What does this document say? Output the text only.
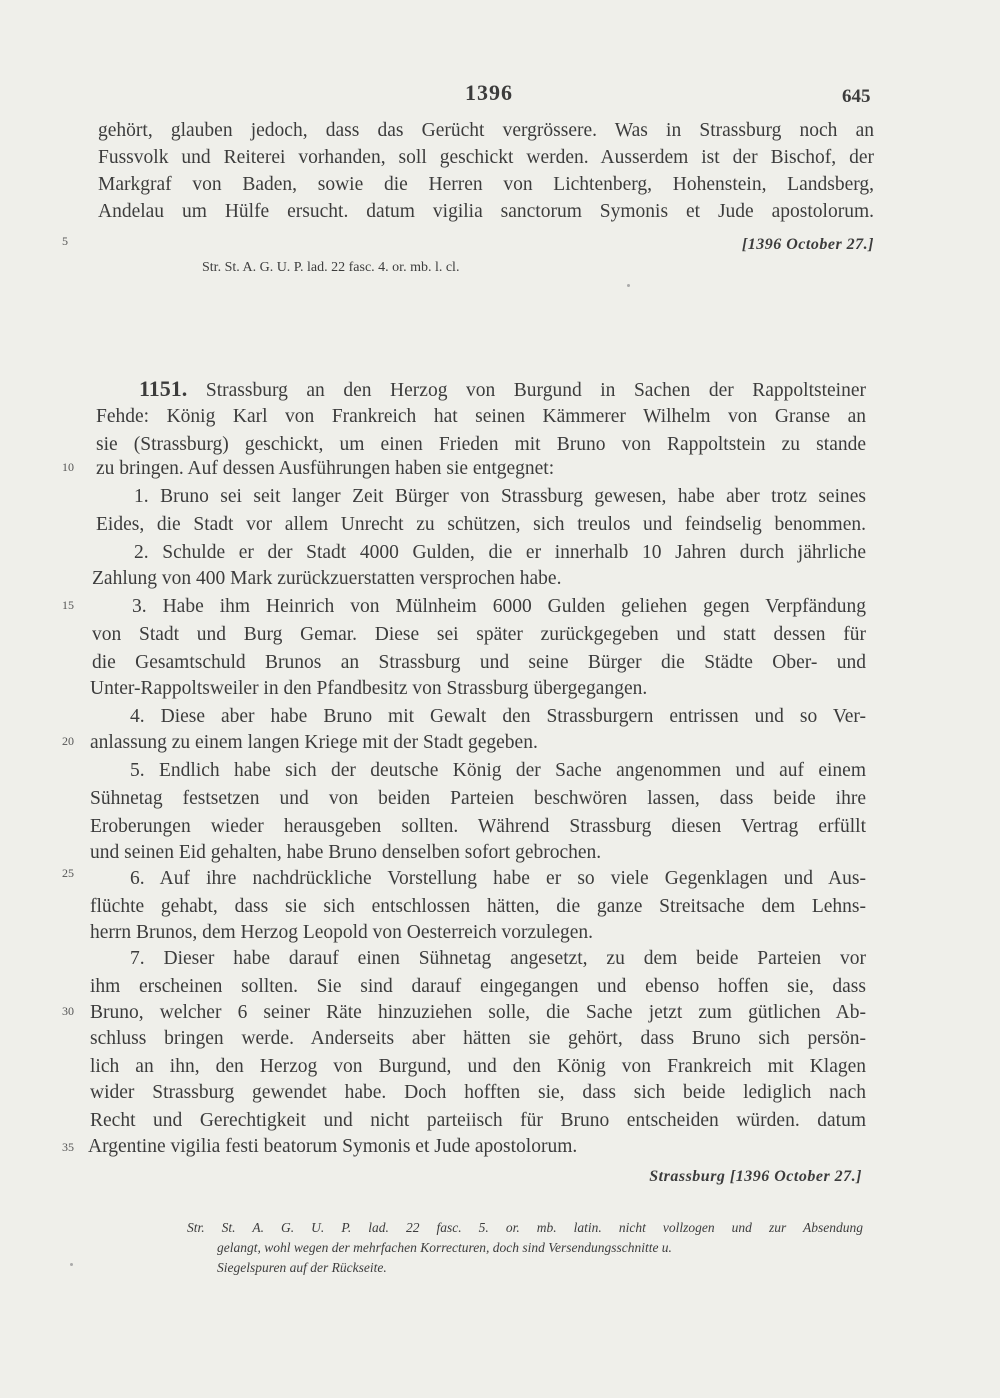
1396	645
gehört, glauben jedoch, dass das Gerücht vergrössere. Was in Strassburg noch an
Fussvolk und Reiterei vorhanden, soll geschickt werden. Ausserdem ist der Bischof, der
Markgraf von Baden, sowie die Herren von Lichtenberg, Hohenstein, Landsberg,
Andelau um Hülfe ersucht. datum vigilia sanctorum Symonis et Jude apostolorum.
5	[1396 October 27.]
Str. St. A. G. U. P. lad. 22 fasc. 4. or. mb. l. cl.
1151. Strassburg an den Herzog von Burgund in Sachen der Rappoltsteiner
Fehde: König Karl von Frankreich hat seinen Kämmerer Wilhelm von Granse an
sie (Strassburg) geschickt, um einen Frieden mit Bruno von Rappoltstein zu stande
10 zu bringen. Auf dessen Ausführungen haben sie entgegnet:
1. Bruno sei seit langer Zeit Bürger von Strassburg gewesen, habe aber trotz seines
Eides, die Stadt vor allem Unrecht zu schützen, sich treulos und feindselig benommen.
2. Schulde er der Stadt 4000 Gulden, die er innerhalb 10 Jahren durch jährliche
Zahlung von 400 Mark zurückzuerstatten versprochen habe.
15	3. Habe ihm Heinrich von Mülnheim 6000 Gulden geliehen gegen Verpfändung
von Stadt und Burg Gemar. Diese sei später zurückgegeben und statt dessen für
die Gesamtschuld Brunos an Strassburg und seine Bürger die Städte Ober- und
Unter-Rappoltsweiler in den Pfandbesitz von Strassburg übergegangen.
4. Diese aber habe Bruno mit Gewalt den Strassburgern entrissen und so Ver-
20 anlassung zu einem langen Kriege mit der Stadt gegeben.
5. Endlich habe sich der deutsche König der Sache angenommen und auf einem
Sühnetag festsetzen und von beiden Parteien beschwören lassen, dass beide ihre
Eroberungen wieder herausgeben sollten. Während Strassburg diesen Vertrag erfüllt
und seinen Eid gehalten, habe Bruno denselben sofort gebrochen.
25	6. Auf ihre nachdrückliche Vorstellung habe er so viele Gegenklagen und Aus-
flüchte gehabt, dass sie sich entschlossen hätten, die ganze Streitsache dem Lehns-
herrn Brunos, dem Herzog Leopold von Oesterreich vorzulegen.
7. Dieser habe darauf einen Sühnetag angesetzt, zu dem beide Parteien vor
ihm erscheinen sollten. Sie sind darauf eingegangen und ebenso hoffen sie, dass
30 Bruno, welcher 6 seiner Räte hinzuziehen solle, die Sache jetzt zum gütlichen Ab-
schluss bringen werde. Anderseits aber hätten sie gehört, dass Bruno sich persön-
lich an ihn, den Herzog von Burgund, und den König von Frankreich mit Klagen
wider Strassburg gewendet habe. Doch hofften sie, dass sich beide lediglich nach
Recht und Gerechtigkeit und nicht parteiisch für Bruno entscheiden würden. datum
35 Argentine vigilia festi beatorum Symonis et Jude apostolorum.
Strassburg [1396 October 27.]
Str. St. A. G. U. P. lad. 22 fasc. 5. or. mb. latin. nicht vollzogen und zur Absendung
gelangt, wohl wegen der mehrfachen Korrecturen, doch sind Versendungsschnitte u.
Siegelspuren auf der Rückseite.
